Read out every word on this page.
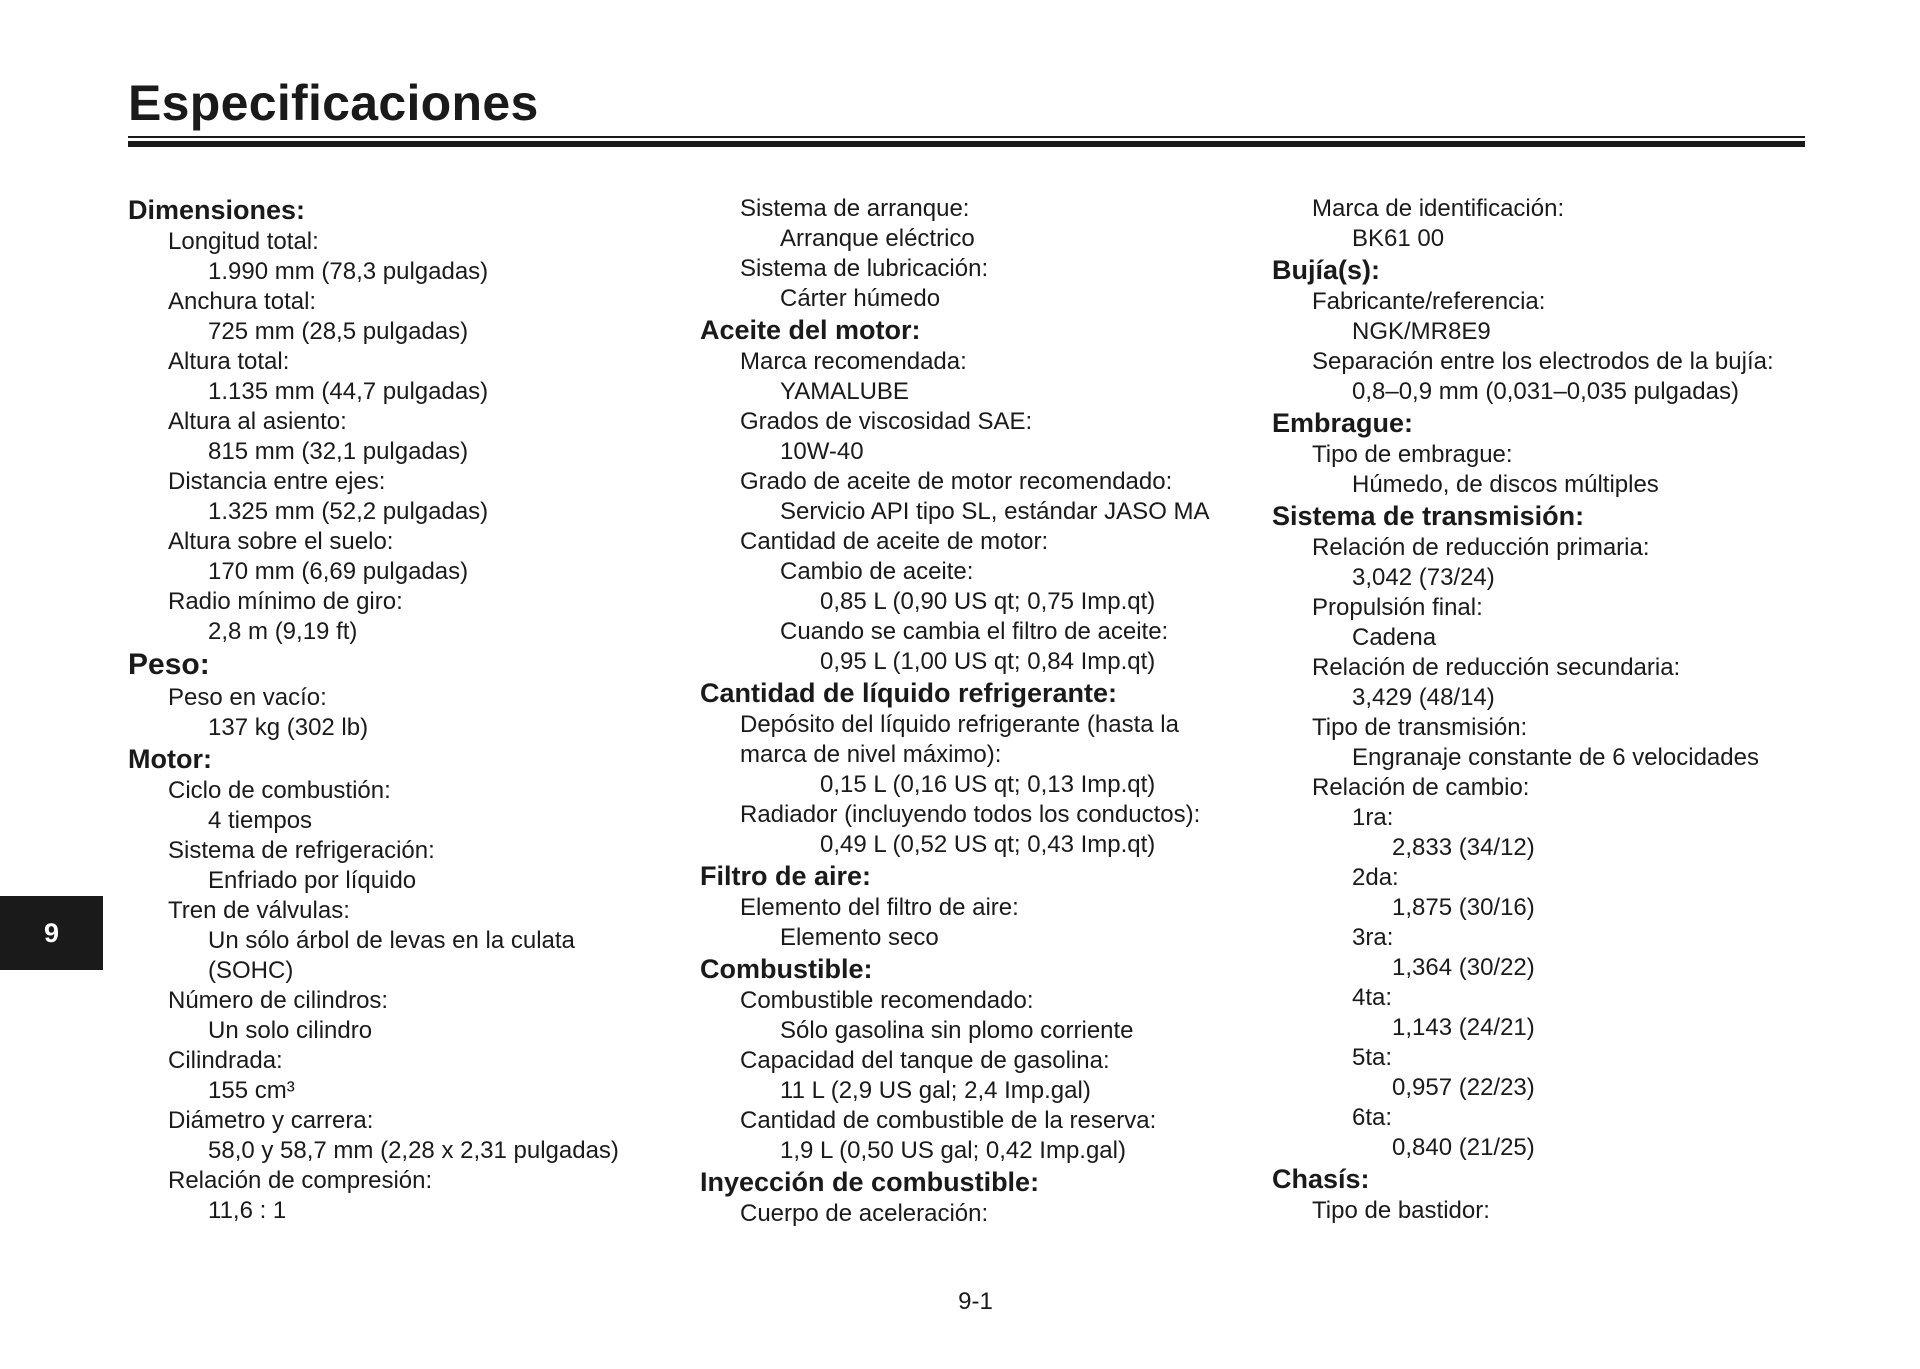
Especificaciones
Dimensiones:
Longitud total:
1.990 mm (78,3 pulgadas)
Anchura total:
725 mm (28,5 pulgadas)
Altura total:
1.135 mm (44,7 pulgadas)
Altura al asiento:
815 mm (32,1 pulgadas)
Distancia entre ejes:
1.325 mm (52,2 pulgadas)
Altura sobre el suelo:
170 mm (6,69 pulgadas)
Radio mínimo de giro:
2,8 m (9,19 ft)
Peso:
Peso en vacío:
137 kg (302 lb)
Motor:
Ciclo de combustión:
4 tiempos
Sistema de refrigeración:
Enfriado por líquido
Tren de válvulas:
Un sólo árbol de levas en la culata
(SOHC)
Número de cilindros:
Un solo cilindro
Cilindrada:
155 cm³
Diámetro y carrera:
58,0 y 58,7 mm (2,28 x 2,31 pulgadas)
Relación de compresión:
11,6 : 1
Sistema de arranque:
Arranque eléctrico
Sistema de lubricación:
Cárter húmedo
Aceite del motor:
Marca recomendada:
YAMALUBE
Grados de viscosidad SAE:
10W-40
Grado de aceite de motor recomendado:
Servicio API tipo SL, estándar JASO MA
Cantidad de aceite de motor:
Cambio de aceite:
0,85 L (0,90 US qt; 0,75 Imp.qt)
Cuando se cambia el filtro de aceite:
0,95 L (1,00 US qt; 0,84 Imp.qt)
Cantidad de líquido refrigerante:
Depósito del líquido refrigerante (hasta la
marca de nivel máximo):
0,15 L (0,16 US qt; 0,13 Imp.qt)
Radiador (incluyendo todos los conductos):
0,49 L (0,52 US qt; 0,43 Imp.qt)
Filtro de aire:
Elemento del filtro de aire:
Elemento seco
Combustible:
Combustible recomendado:
Sólo gasolina sin plomo corriente
Capacidad del tanque de gasolina:
11 L (2,9 US gal; 2,4 Imp.gal)
Cantidad de combustible de la reserva:
1,9 L (0,50 US gal; 0,42 Imp.gal)
Inyección de combustible:
Cuerpo de aceleración:
Marca de identificación:
BK61 00
Bujía(s):
Fabricante/referencia:
NGK/MR8E9
Separación entre los electrodos de la bujía:
0,8–0,9 mm (0,031–0,035 pulgadas)
Embrague:
Tipo de embrague:
Húmedo, de discos múltiples
Sistema de transmisión:
Relación de reducción primaria:
3,042 (73/24)
Propulsión final:
Cadena
Relación de reducción secundaria:
3,429 (48/14)
Tipo de transmisión:
Engranaje constante de 6 velocidades
Relación de cambio:
1ra:
2,833 (34/12)
2da:
1,875 (30/16)
3ra:
1,364 (30/22)
4ta:
1,143 (24/21)
5ta:
0,957 (22/23)
6ta:
0,840 (21/25)
Chasís:
Tipo de bastidor:
9
9-1
